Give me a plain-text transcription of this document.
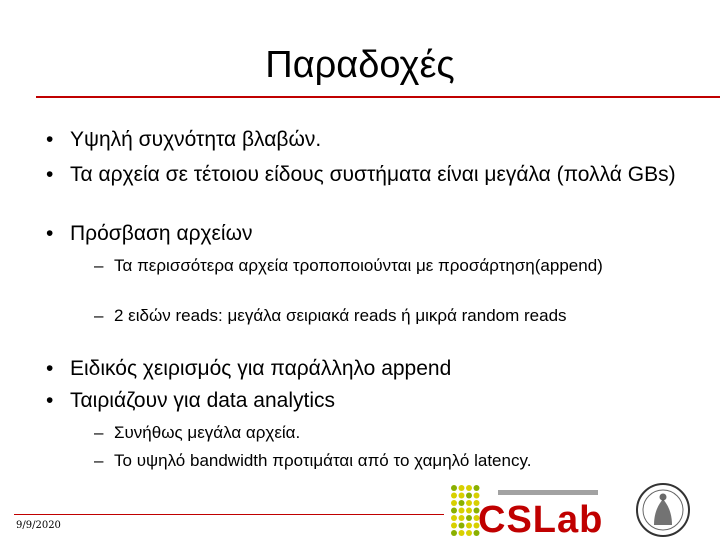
Παραδοχές
• Υψηλή συχνότητα βλαβών.
• Τα αρχεία σε τέτοιου είδους συστήματα είναι μεγάλα (πολλά GBs)
• Πρόσβαση αρχείων
– Τα περισσότερα αρχεία τροποποιούνται με προσάρτηση(append)
– 2 ειδών reads: μεγάλα σειριακά reads ή μικρά random reads
• Ειδικός χειρισμός για παράλληλο append
• Ταιριάζουν για data analytics
– Συνήθως μεγάλα αρχεία.
– Το υψηλό bandwidth προτιμάται από το χαμηλό latency.
9/9/2020	CSLab
